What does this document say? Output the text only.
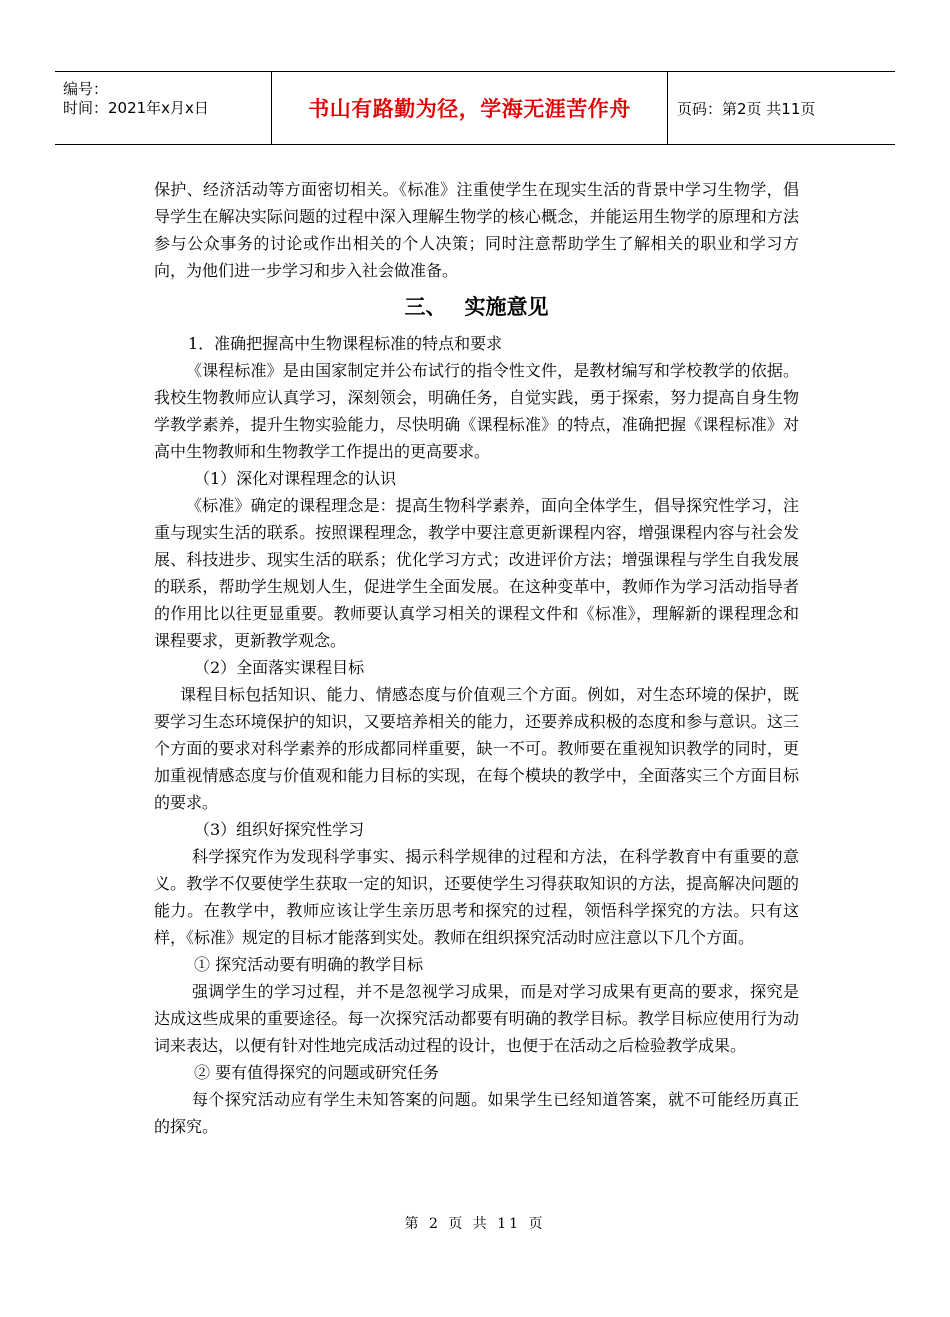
编号：
时间：2021年x月x日	书山有路勤为径，学海无涯苦作舟	页码：第2页 共11页

保护、经济活动等方面密切相关。《标准》注重使学生在现实生活的背景中学习生物学，倡导学生在解决实际问题的过程中深入理解生物学的核心概念，并能运用生物学的原理和方法参与公众事务的讨论或作出相关的个人决策；同时注意帮助学生了解相关的职业和学习方向，为他们进一步学习和步入社会做准备。

三、 实施意见

1．准确把握高中生物课程标准的特点和要求

《课程标准》是由国家制定并公布试行的指令性文件，是教材编写和学校教学的依据。我校生物教师应认真学习，深刻领会，明确任务，自觉实践，勇于探索，努力提高自身生物学教学素养，提升生物实验能力，尽快明确《课程标准》的特点，准确把握《课程标准》对高中生物教师和生物教学工作提出的更高要求。

（1）深化对课程理念的认识

《标准》确定的课程理念是：提高生物科学素养，面向全体学生，倡导探究性学习，注重与现实生活的联系。按照课程理念，教学中要注意更新课程内容，增强课程内容与社会发展、科技进步、现实生活的联系；优化学习方式；改进评价方法；增强课程与学生自我发展的联系，帮助学生规划人生，促进学生全面发展。在这种变革中，教师作为学习活动指导者的作用比以往更显重要。教师要认真学习相关的课程文件和《标准》，理解新的课程理念和课程要求，更新教学观念。

（2）全面落实课程目标

课程目标包括知识、能力、情感态度与价值观三个方面。例如，对生态环境的保护，既要学习生态环境保护的知识，又要培养相关的能力，还要养成积极的态度和参与意识。这三个方面的要求对科学素养的形成都同样重要，缺一不可。教师要在重视知识教学的同时，更加重视情感态度与价值观和能力目标的实现，在每个模块的教学中，全面落实三个方面目标的要求。

（3）组织好探究性学习

科学探究作为发现科学事实、揭示科学规律的过程和方法，在科学教育中有重要的意义。教学不仅要使学生获取一定的知识，还要使学生习得获取知识的方法，提高解决问题的能力。在教学中，教师应该让学生亲历思考和探究的过程，领悟科学探究的方法。只有这样，《标准》规定的目标才能落到实处。教师在组织探究活动时应注意以下几个方面。

① 探究活动要有明确的教学目标

强调学生的学习过程，并不是忽视学习成果，而是对学习成果有更高的要求，探究是达成这些成果的重要途径。每一次探究活动都要有明确的教学目标。教学目标应使用行为动词来表达，以便有针对性地完成活动过程的设计，也便于在活动之后检验教学成果。

② 要有值得探究的问题或研究任务

每个探究活动应有学生未知答案的问题。如果学生已经知道答案，就不可能经历真正的探究。

第 2 页 共 11 页
